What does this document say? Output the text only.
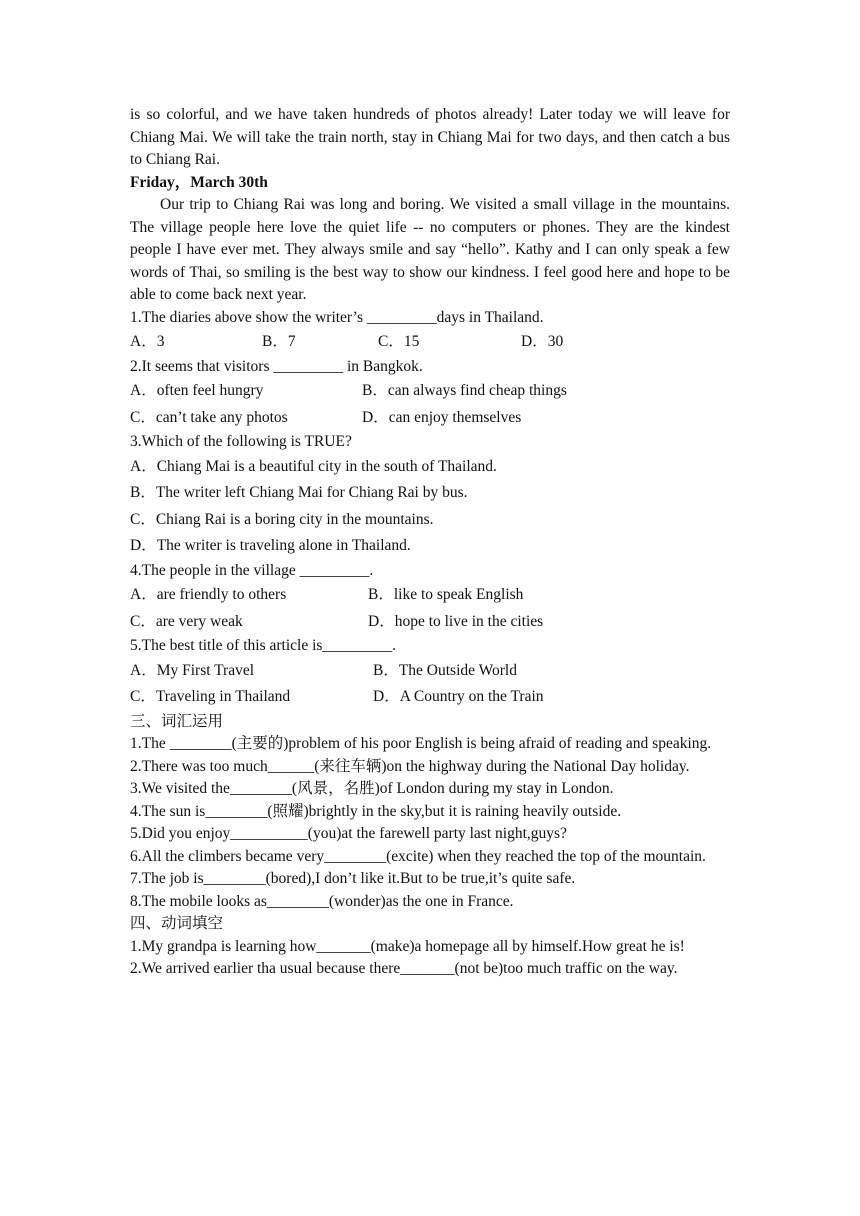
is so colorful, and we have taken hundreds of photos already! Later today we will leave for Chiang Mai. We will take the train north, stay in Chiang Mai for two days, and then catch a bus to Chiang Rai.

Friday，March 30th

Our trip to Chiang Rai was long and boring. We visited a small village in the mountains. The village people here love the quiet life -- no computers or phones. They are the kindest people I have ever met. They always smile and say “hello”. Kathy and I can only speak a few words of Thai, so smiling is the best way to show our kindness. I feel good here and hope to be able to come back next year.

1.The diaries above show the writer’s _________days in Thailand.

A．3	B．7	C．15	D．30

2.It seems that visitors _________ in Bangkok.

A．often feel hungry	B．can always find cheap things
C．can’t take any photos	D．can enjoy themselves

3.Which of the following is TRUE?

A．Chiang Mai is a beautiful city in the south of Thailand.
B．The writer left Chiang Mai for Chiang Rai by bus.
C．Chiang Rai is a boring city in the mountains.
D．The writer is traveling alone in Thailand.

4.The people in the village _________.

A．are friendly to others	B．like to speak English
C．are very weak	D．hope to live in the cities

5.The best title of this article is_________.

A．My First Travel	B．The Outside World
C．Traveling in Thailand	D．A Country on the Train

三、词汇运用

1.The ________(主要的)problem of his poor English is being afraid of reading and speaking.

2.There was too much______(来往车辆)on the highway during the National Day holiday.

3.We visited the________(风景，名胜)of London during my stay in London.

4.The sun is________(照耀)brightly in the sky,but it is raining heavily outside.

5.Did you enjoy__________(you)at the farewell party last night,guys?

6.All the climbers became very________(excite) when they reached the top of the mountain.

7.The job is________(bored),I don’t like it.But to be true,it’s quite safe.

8.The mobile looks as________(wonder)as the one in France.

四、动词填空

1.My grandpa is learning how_______(make)a homepage all by himself.How great he is!

2.We arrived earlier tha usual because there_______(not be)too much traffic on the way.
